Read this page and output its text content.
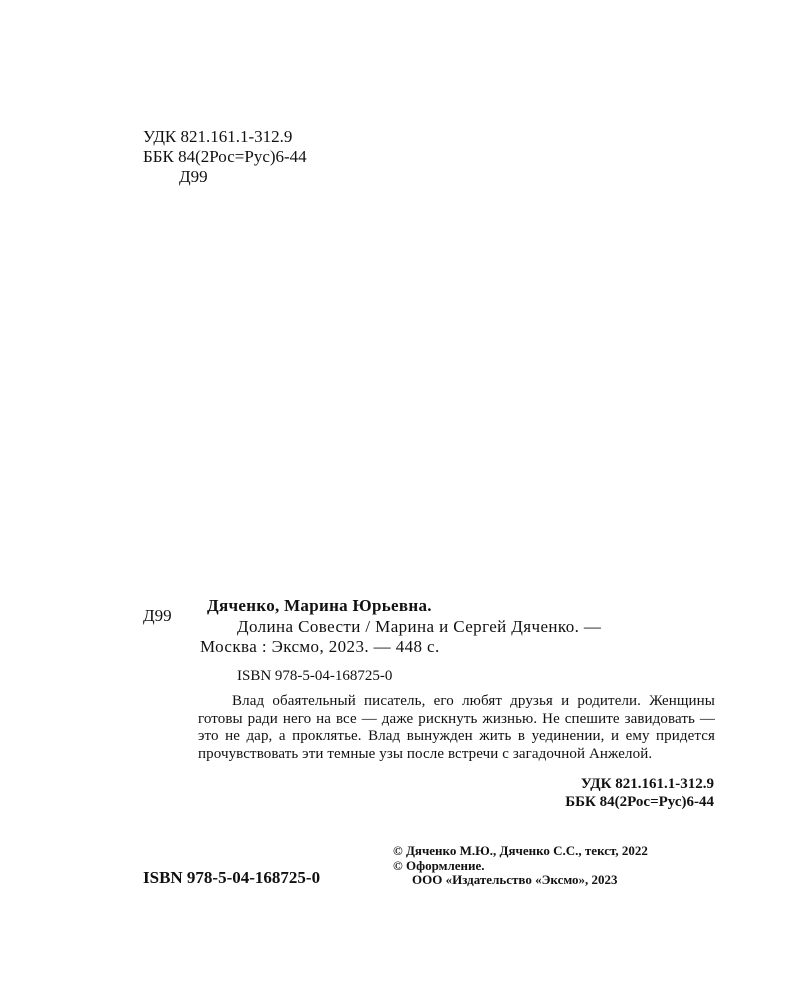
УДК 821.161.1-312.9
ББК 84(2Рос=Рус)6-44
Д99
Д99
Дяченко, Марина Юрьевна.
Долина Совести / Марина и Сергей Дяченко. —
Москва : Эксмо, 2023. — 448 с.
ISBN 978-5-04-168725-0

Влад обаятельный писатель, его любят друзья и родители. Женщины готовы ради него на все — даже рискнуть жизнью. Не спешите завидовать — это не дар, а проклятье. Влад вынужден жить в уединении, и ему придется прочувствовать эти темные узы после встречи с загадочной Анжелой.

УДК 821.161.1-312.9
ББК 84(2Рос=Рус)6-44
ISBN 978-5-04-168725-0
© Дяченко М.Ю., Дяченко С.С., текст, 2022
© Оформление.
ООО «Издательство «Эксмо», 2023
